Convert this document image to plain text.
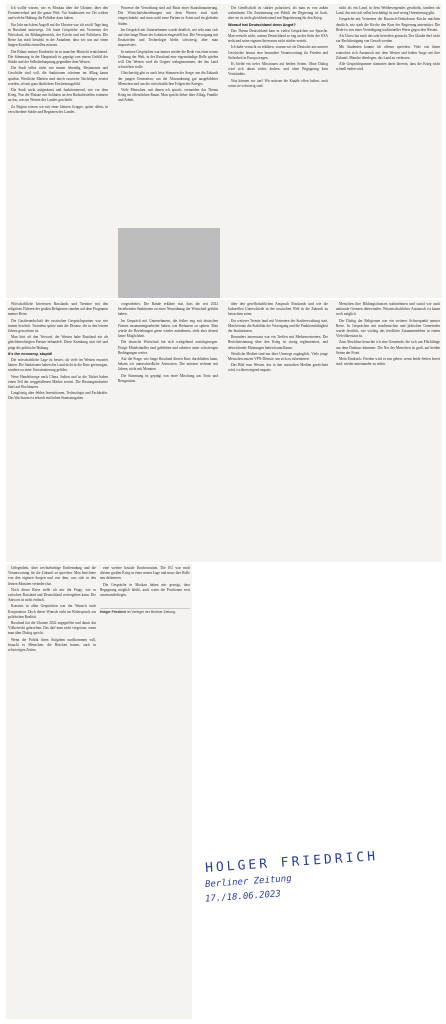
Ich wollte wissen, wie es Moskau über die Ukraine, über den Frontenverlauf und die ganze Welt. Vor Sanktionen vor Ort wirken und welche Haltung die Politiker dazu haben.

Ein Jahr nach dem Angriff auf die Ukraine war ich zwölf Tage lang in Russland unterwegs. Ich hatte Gespräche mit Vertretern der Wirtschaft, im Bildungsbereich, der Kirche und mit Politikern. Die Reise hat mich bestärkt in der Annahme, dass wir uns auf einen langen Konflikt einstellen müssen.

Die Bilanz meiner Eindrücke ist in mancher Hinsicht ernüchternd. Die Stimmung in der Hauptstadt ist geprägt von einem Gefühl der Stärke und der Selbstbehauptung gegenüber dem Westen.

Die Stadt selbst wirkt wie immer lebendig. Restaurants und Geschäfte sind voll, die Sanktionen scheinen im Alltag kaum spürbar. Westliche Marken sind durch russische Nachfolger ersetzt worden, oft mit ganz ähnlichem Erscheinungsbild.

Die Stadt wirkt aufgeräumt und funktionierend, wie vor dem Krieg. Nur die Plakate mit Soldaten an den Bushaltestellen erinnern an das, was im Westen des Landes geschieht.

Zu Beginn reisten wir mit einer kleinen Gruppe, später allein, in verschiedene Städte und Regionen des Landes.

Prozesse der Verwaltung sind auf Basis einer Staatsfinanzierung. Die Wirtschaftsbeziehungen mit dem Westen sind stark eingeschränkt, und man sucht neue Partner in Asien und im globalen Süden.

Im Gespräch mit Unternehmern wurde deutlich, wie sehr man sich auf eine lange Phase der Isolation eingestellt hat. Die Versorgung mit Ersatzteilen und Technologie bleibt schwierig, aber man improvisiert.

In meinen Gesprächen war immer wieder die Rede von einer neuen Ordnung der Welt, in der Russland eine eigenständige Rolle spielen will. Der Westen wird als Gegner wahrgenommen, der das Land schwächen wolle.

Gleichzeitig gibt es auch leise Stimmen der Sorge: um die Zukunft der jungen Generation, um die Abwanderung gut ausgebildeter Menschen und um die wirtschaftlichen Folgen des Krieges.

Viele Menschen, mit denen ich sprach, vermeiden das Thema Krieg im öffentlichen Raum. Man spricht lieber über Alltag, Familie und Arbeit.

Die Gesellschaft ist stärker polarisiert, als man es von außen wahrnimmt. Die Zustimmung zur Politik der Regierung ist hoch, aber sie ist nicht gleichbedeutend mit Begeisterung für den Krieg.

Worauf hat Deutschland denn Angst?

Das Thema Deutschland kam in vielen Gesprächen zur Sprache. Man versteht nicht, warum Deutschland so eng an der Seite der USA steht und seine eigenen Interessen nicht stärker vertritt.

Ich habe versucht zu erklären, warum wir als Deutsche aus unserer Geschichte heraus eine besondere Verantwortung für Frieden und Sicherheit in Europa tragen.

Es bleibt ein tiefes Misstrauen auf beiden Seiten. Ohne Dialog wird sich daran nichts ändern, und ohne Begegnung kein Verständnis.

Was können wir tun? Wir müssen die Kanäle offen halten, auch wenn sie schwierig sind.

nicht als ein Land, in dem Weltbewegendes geschieht, sondern als Land, das mit sich selbst beschäftigt ist und wenig Orientierung gibt.

Gespräche mit Vertretern der Russisch-Orthodoxen Kirche machten deutlich, wie stark die Kirche den Kurs der Regierung unterstützt. Die Rede ist von einer Verteidigung traditioneller Werte gegen den Westen.

Als Christ hat mich das sehr betroffen gemacht. Der Glaube darf nicht zur Rechtfertigung von Gewalt werden.

Mit Studenten konnte ich offener sprechen. Viele von ihnen wünschen sich Austausch mit dem Westen und haben Sorge um ihre Zukunft. Manche überlegen, das Land zu verlassen.

Alle Gesprächspartner stimmten darin überein, dass der Krieg nicht schnell enden wird.

Wirtschaftliche Interessen Russlands und Termine mit den religiösen Führern der großen Religionen standen auf dem Programm meiner Reise.

Die Gastfreundschaft der russischen Gesprächspartner war wie immer herzlich. Trotzdem spürte man die Distanz, die in den letzten Jahren gewachsen ist.

Man hört oft den Vorwurf, der Westen habe Russland nie als gleichberechtigten Partner behandelt. Diese Kränkung sitzt tief und prägt die politische Haltung.

It's the economy, stupid!

Die wirtschaftliche Lage ist besser, als viele im Westen erwartet hatten. Die Sanktionen haben das Land nicht in die Knie gezwungen, sondern zu einer Umorientierung geführt.

Neue Handelswege nach China, Indien und in die Türkei haben einen Teil der weggefallenen Märkte ersetzt. Die Rüstungsindustrie läuft auf Hochtouren.

Langfristig aber fehlen Investitionen, Technologie und Fachkräfte. Das Wachstum ist erkauft mit hohen Staatsausgaben.

vorgearbeitet. Die Bande erklärte mir, dass die seit 2022 bestehenden Sanktionen zu einer Neuordnung der Wirtschaft geführt haben.

Im Gespräch mit Unternehmern, die früher eng mit deutschen Firmen zusammengearbeitet haben, war Bedauern zu spüren. Man würde die Beziehungen gerne wieder aufnehmen, sieht aber derzeit keine Möglichkeit.

Die deutsche Wirtschaft hat sich weitgehend zurückgezogen. Einige Mittelständler sind geblieben und arbeiten unter schwierigen Bedingungen weiter.

Auf die Frage, wie lange Russland diesen Kurs durchhalten kann, bekam ich unterschiedliche Antworten. Die meisten rechnen mit Jahren, nicht mit Monaten.

Die Stimmung ist geprägt von einer Mischung aus Trotz und Resignation.

über den gesellschaftlichen Anspruch Russlands und wie die kulturellen Unterschiede in der russischen Welt in die Zukunft zu betrachten seien.

Ein weiterer Termin fand mit Vertretern der Stadtverwaltung statt. Man betonte die Stabilität der Versorgung und die Funktionsfähigkeit der Institutionen.

Besonders interessant war ein Treffen mit Medienvertretern. Die Berichterstattung über den Krieg ist streng reglementiert, und abweichende Meinungen haben kaum Raum.

Westliche Medien sind nur über Umwege zugänglich. Viele junge Menschen nutzen VPN-Dienste, um sich zu informieren.

Das Bild vom Westen, das in den russischen Medien gezeichnet wird, ist überwiegend negativ.

Menschen ihre Bildungschancen wahrnehmen und sozial wie auch nationale Grenzen überwinden. Wissenschaftlicher Austausch ist kaum noch möglich.

Der Dialog der Religionen war ein weiterer Schwerpunkt meiner Reise. In Gesprächen mit muslimischen und jüdischen Gemeinden wurde deutlich, wie wichtig das friedliche Zusammenleben in einem Vielvölkerstaat ist.

Zum Abschluss besuchte ich eine Gemeinde, die sich um Flüchtlinge aus dem Donbass kümmert. Die Not der Menschen ist groß, auf beiden Seiten der Front.

Mein Eindruck: Frieden wird es nur geben, wenn beide Seiten bereit sind, wieder miteinander zu reden.

Gelegenheit, über wechselseitige Entfremdung und die Verantwortung für die Zukunft zu sprechen. Man berichtete von den eigenen Sorgen und von dem, was sich in den letzten Monaten verändert hat.

Noch dieser Reise stelle ich mir die Frage, wie es zwischen Russland und Deutschland weitergehen kann. Die Antwort ist nicht einfach.

Konsens in allen Gesprächen war der Wunsch nach Kooperation. Doch dieser Wunsch steht im Widerspruch zur politischen Realität.

Russland hat die Ukraine 2022 angegriffen und damit das Völkerrecht gebrochen. Das darf man nicht vergessen, wenn man über Dialog spricht.

Wenn die Politik ihren Aufgaben nachkommen will, braucht es Menschen, die Brücken bauen, auch in schwierigen Zeiten.

eine weitere brutale Konfrontation. Die EU war nach diesem großen Krieg in einer neuen Lage und muss ihre Rolle neu definieren.

Die Gespräche in Moskau haben mir gezeigt, dass Begegnung möglich bleibt, auch wenn die Positionen weit auseinanderliegen.

Holger Friedrich ist Verleger der Berliner Zeitung.
HOLGER FRIEDRICH
Berliner Zeitung
17./18.06.2023
